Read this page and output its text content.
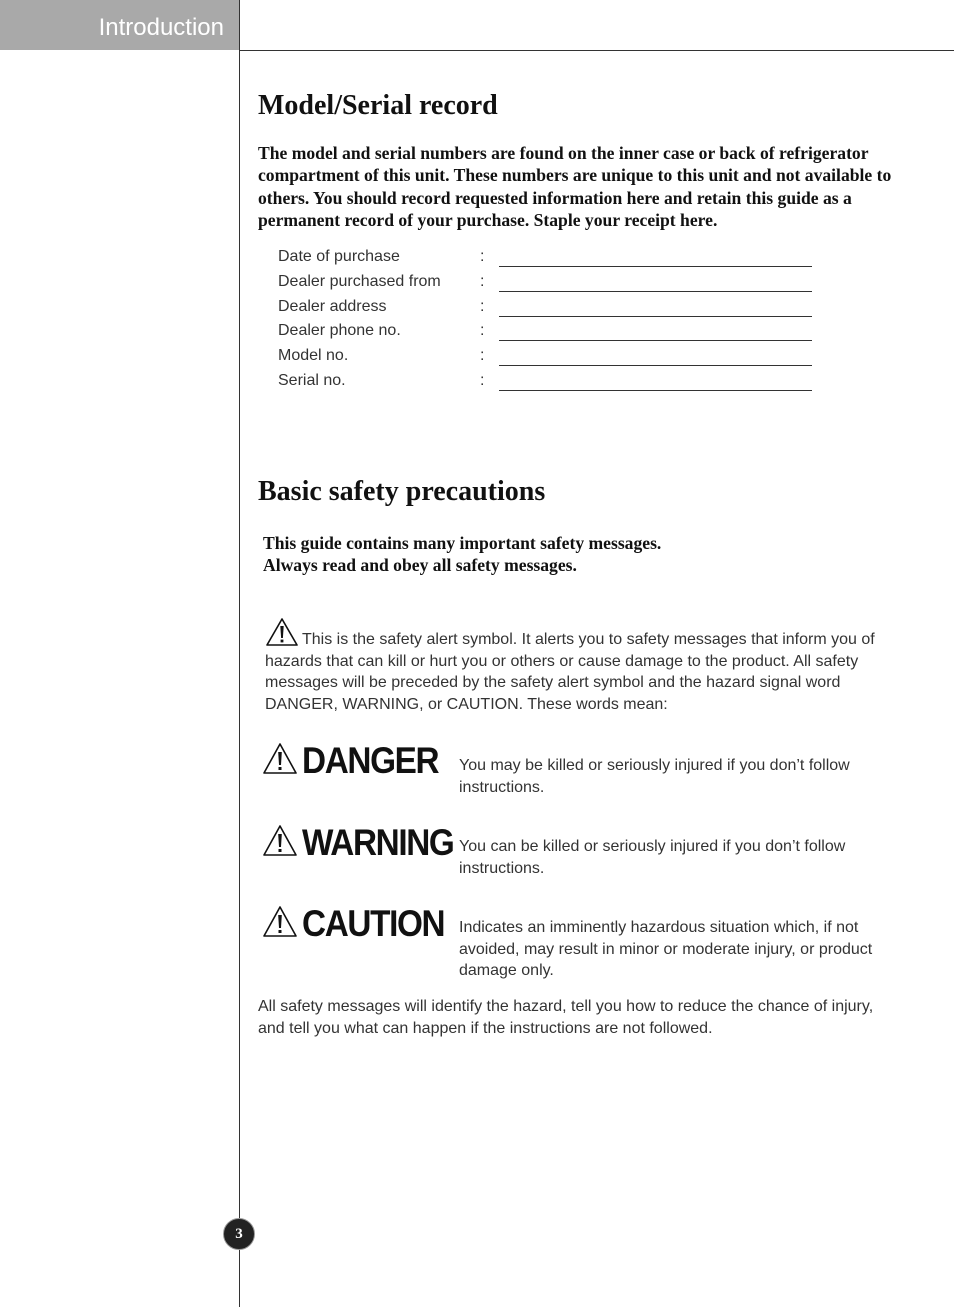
Introduction
Model/Serial record

The model and serial numbers are found on the inner case or back of refrigerator compartment of this unit. These numbers are unique to this unit and not available to others. You should record requested information here and retain this guide as a permanent record of your purchase. Staple your receipt here.

Date of purchase	:
Dealer purchased from :
Dealer address	:
Dealer phone no.	:
Model no.	:
Serial no.	:
Basic safety precautions
This guide contains many important safety messages.
Always read and obey all safety messages.

This is the safety alert symbol. It alerts you to safety messages that inform you of hazards that can kill or hurt you or others or cause damage to the product. All safety messages will be preceded by the safety alert symbol and the hazard signal word DANGER, WARNING, or CAUTION. These words mean:

DANGER You may be killed or seriously injured if you don’t follow instructions.

WARNING You can be killed or seriously injured if you don’t follow instructions.

CAUTION Indicates an imminently hazardous situation which, if not avoided, may result in minor or moderate injury, or product damage only.

All safety messages will identify the hazard, tell you how to reduce the chance of injury, and tell you what can happen if the instructions are not followed.

3
